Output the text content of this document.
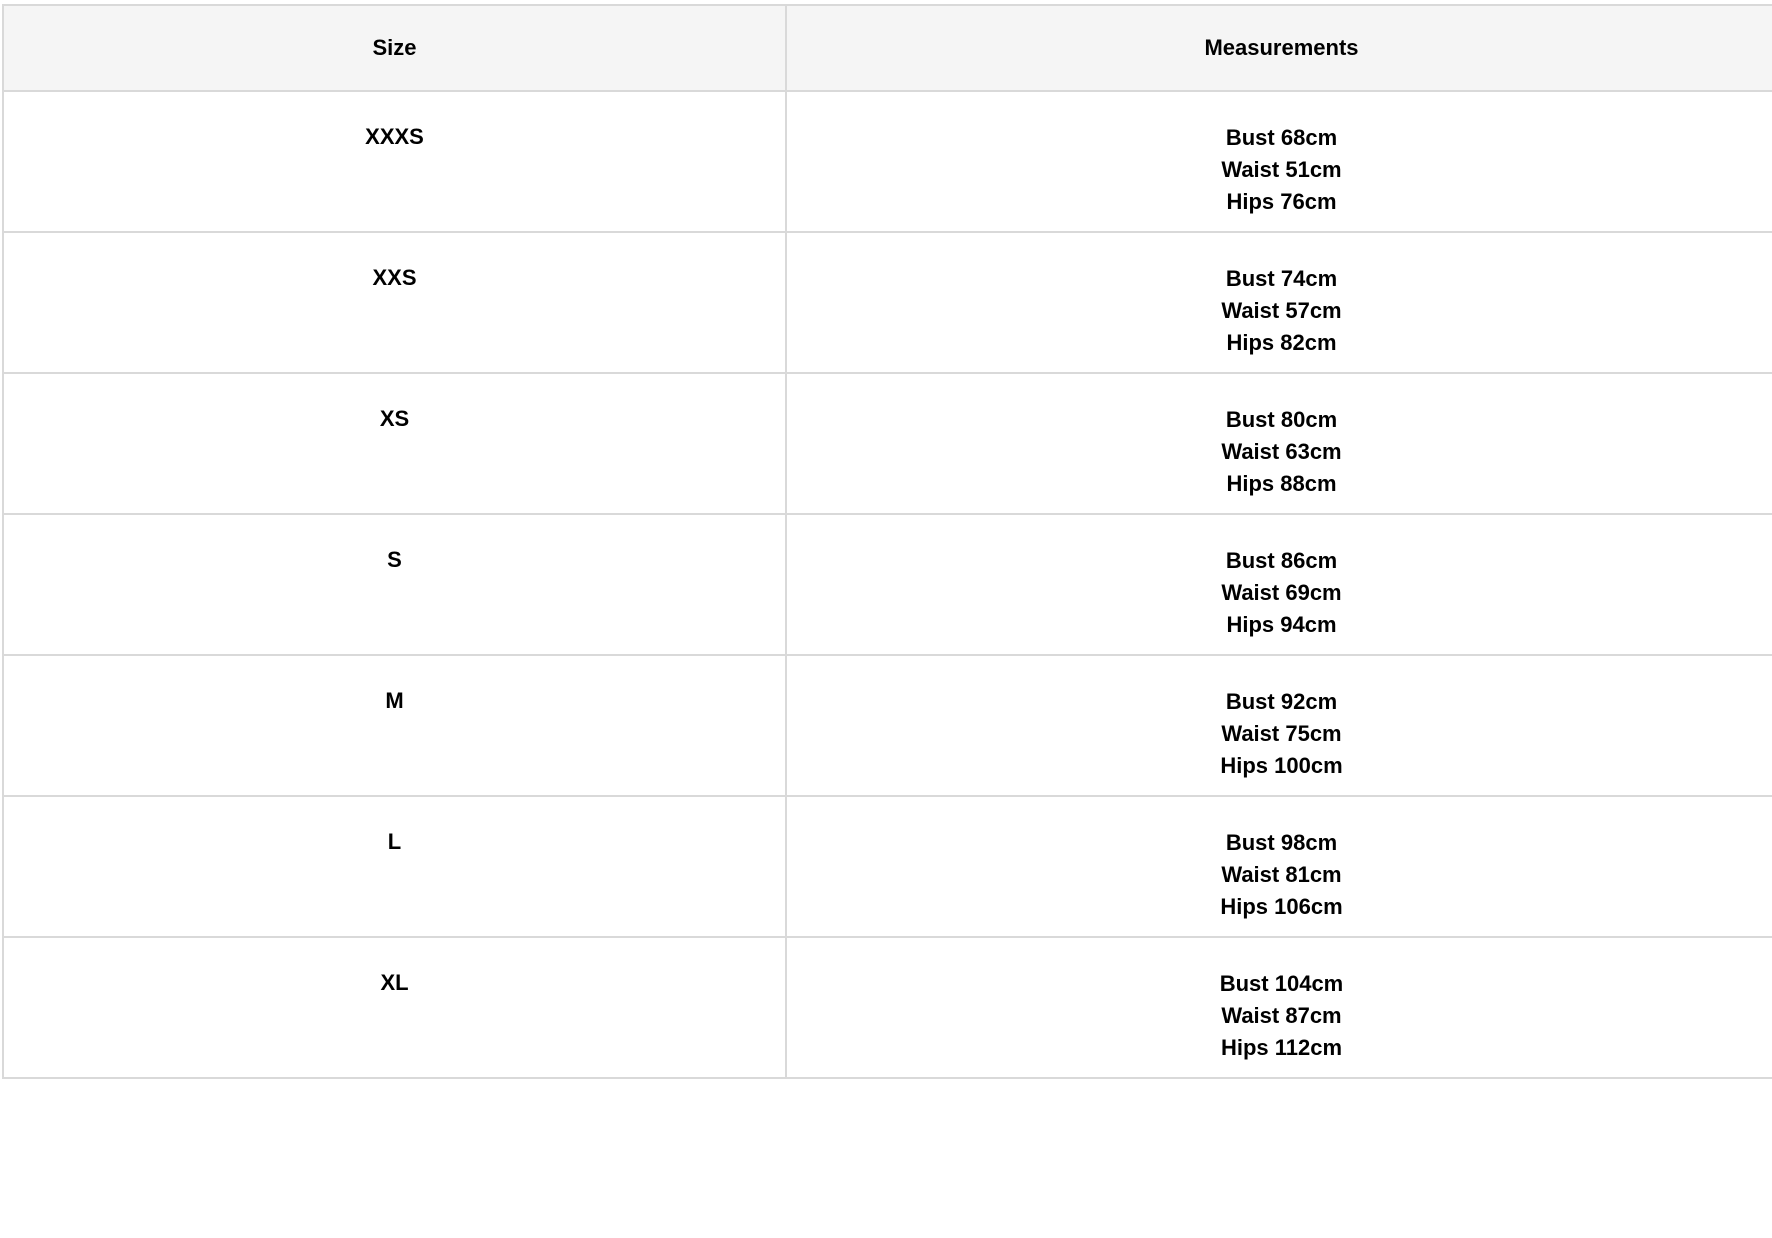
Size	Measurements
XXXS	Bust 68cm
Waist 51cm
Hips 76cm

XXS	Bust 74cm
Waist 57cm
Hips 82cm

XS	Bust 80cm
Waist 63cm
Hips 88cm

S	Bust 86cm
Waist 69cm
Hips 94cm

M	Bust 92cm
Waist 75cm
Hips 100cm

L	Bust 98cm
Waist 81cm
Hips 106cm

XL	Bust 104cm
Waist 87cm
Hips 112cm
